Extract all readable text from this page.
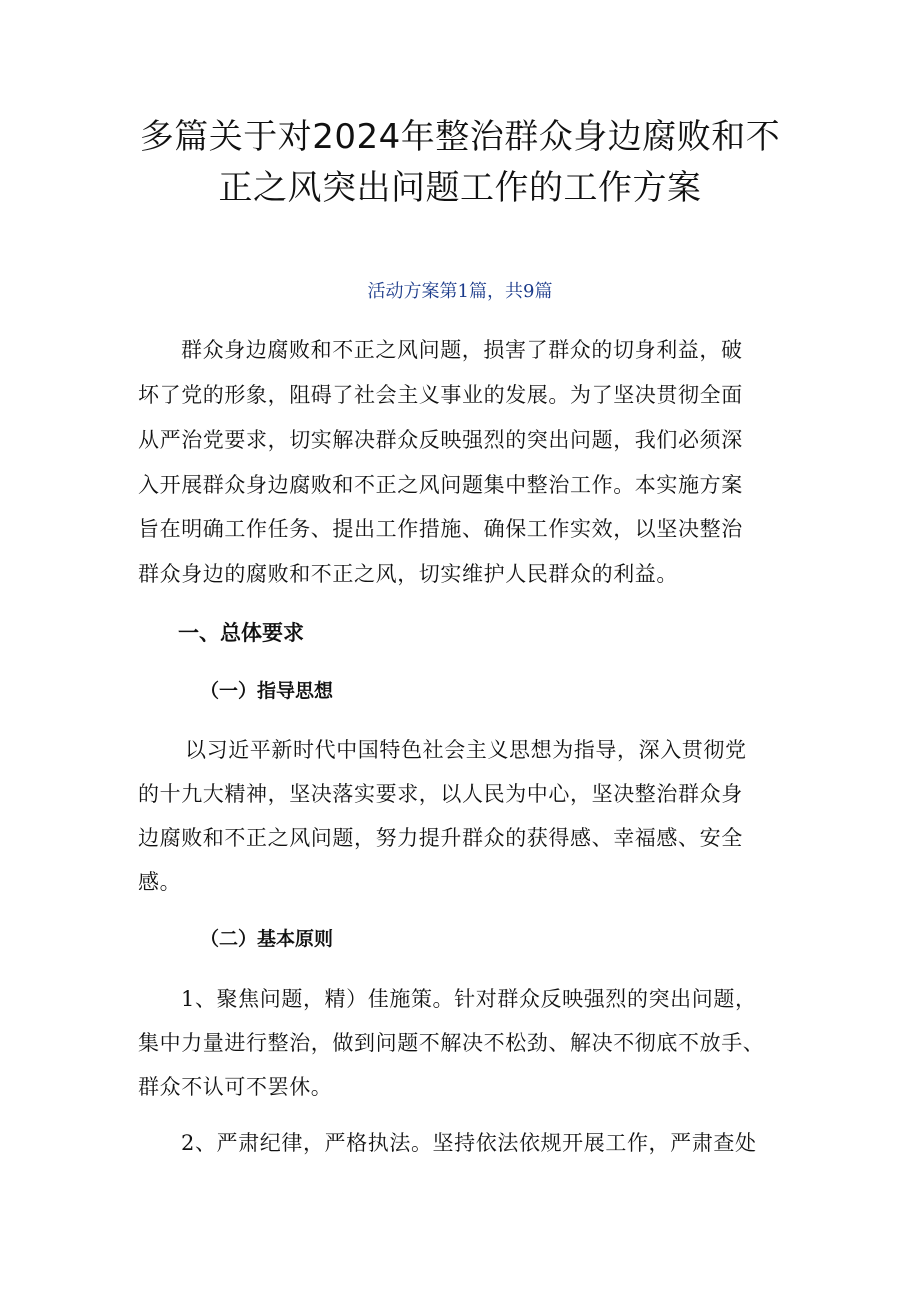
多篇关于对2024年整治群众身边腐败和不
正之风突出问题工作的工作方案

活动方案第1篇，共9篇

群众身边腐败和不正之风问题，损害了群众的切身利益，破
坏了党的形象，阻碍了社会主义事业的发展。为了坚决贯彻全面
从严治党要求，切实解决群众反映强烈的突出问题，我们必须深
入开展群众身边腐败和不正之风问题集中整治工作。本实施方案
旨在明确工作任务、提出工作措施、确保工作实效，以坚决整治
群众身边的腐败和不正之风，切实维护人民群众的利益。
一、总体要求
（一）指导思想
以习近平新时代中国特色社会主义思想为指导，深入贯彻党
的十九大精神，坚决落实要求，以人民为中心，坚决整治群众身
边腐败和不正之风问题，努力提升群众的获得感、幸福感、安全
感。
（二）基本原则
1、聚焦问题，精）佳施策。针对群众反映强烈的突出问题，
集中力量进行整治，做到问题不解决不松劲、解决不彻底不放手、
群众不认可不罢休。
2、严肃纪律，严格执法。坚持依法依规开展工作，严肃查处
